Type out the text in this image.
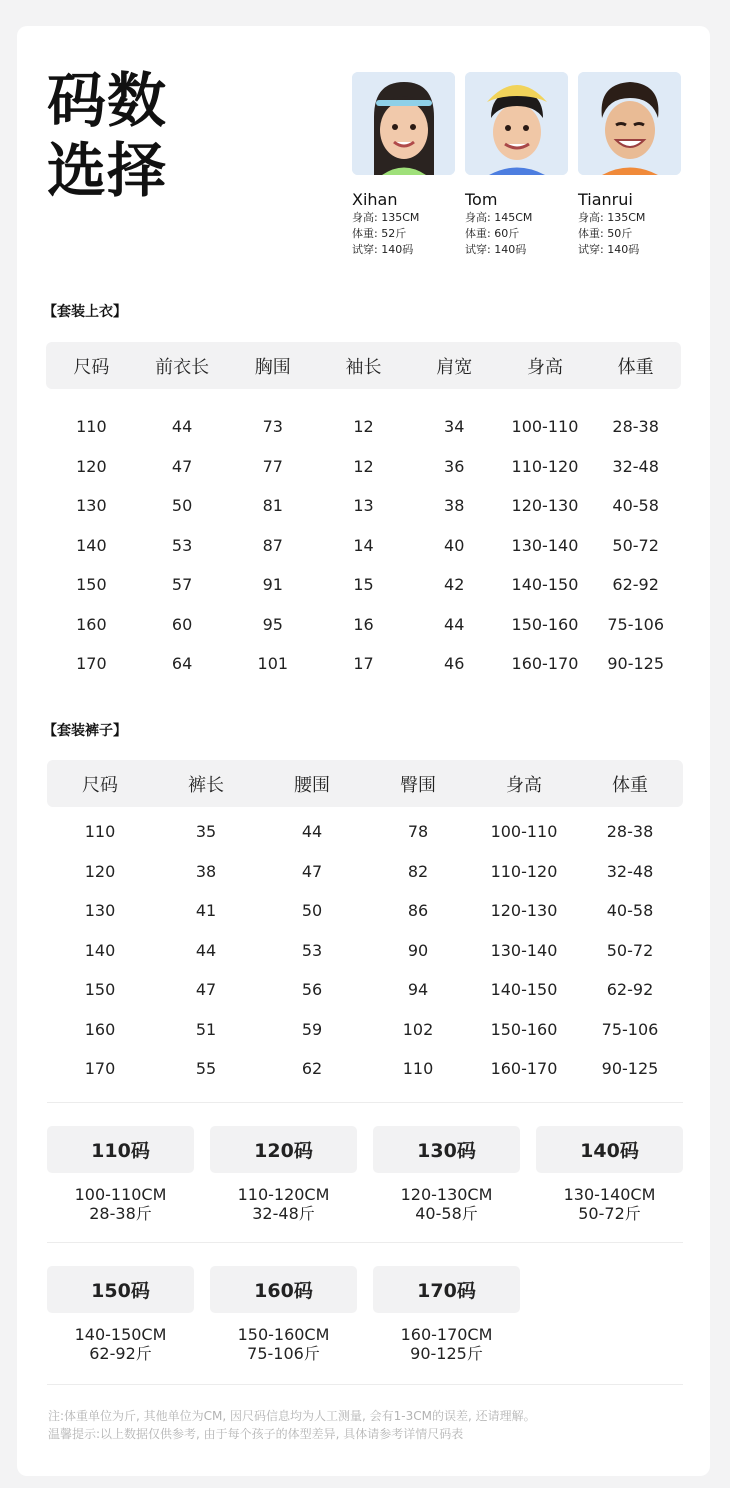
码数
选择	Xihan
身高: 135CM
体重: 52斤
试穿: 140码
Tom
身高: 145CM
体重: 60斤
试穿: 140码
Tianrui
身高: 135CM
体重: 50斤
试穿: 140码
【套装上衣】
尺码	前衣长	胸围	袖长	肩宽	身高	体重
110	44	73	12	34	100-110	28-38
120	47	77	12	36	110-120	32-48
130	50	81	13	38	120-130	40-58
140	53	87	14	40	130-140	50-72
150	57	91	15	42	140-150	62-92
160	60	95	16	44	150-160	75-106
170	64	101	17	46	160-170	90-125
【套装裤子】
尺码	裤长	腰围	臀围	身高	体重
110	35	44	78	100-110	28-38
120	38	47	82	110-120	32-48
130	41	50	86	120-130	40-58
140	44	53	90	130-140	50-72
150	47	56	94	140-150	62-92
160	51	59	102	150-160	75-106
170	55	62	110	160-170	90-125
110码
100-110CM
28-38斤
120码
110-120CM
32-48斤
130码
120-130CM
40-58斤
140码
130-140CM
50-72斤
150码
140-150CM
62-92斤
160码
150-160CM
75-106斤
170码
160-170CM
90-125斤
注:体重单位为斤, 其他单位为CM, 因尺码信息均为人工测量, 会有1-3CM的误差, 还请理解。
温馨提示:以上数据仅供参考, 由于每个孩子的体型差异, 具体请参考详情尺码表
